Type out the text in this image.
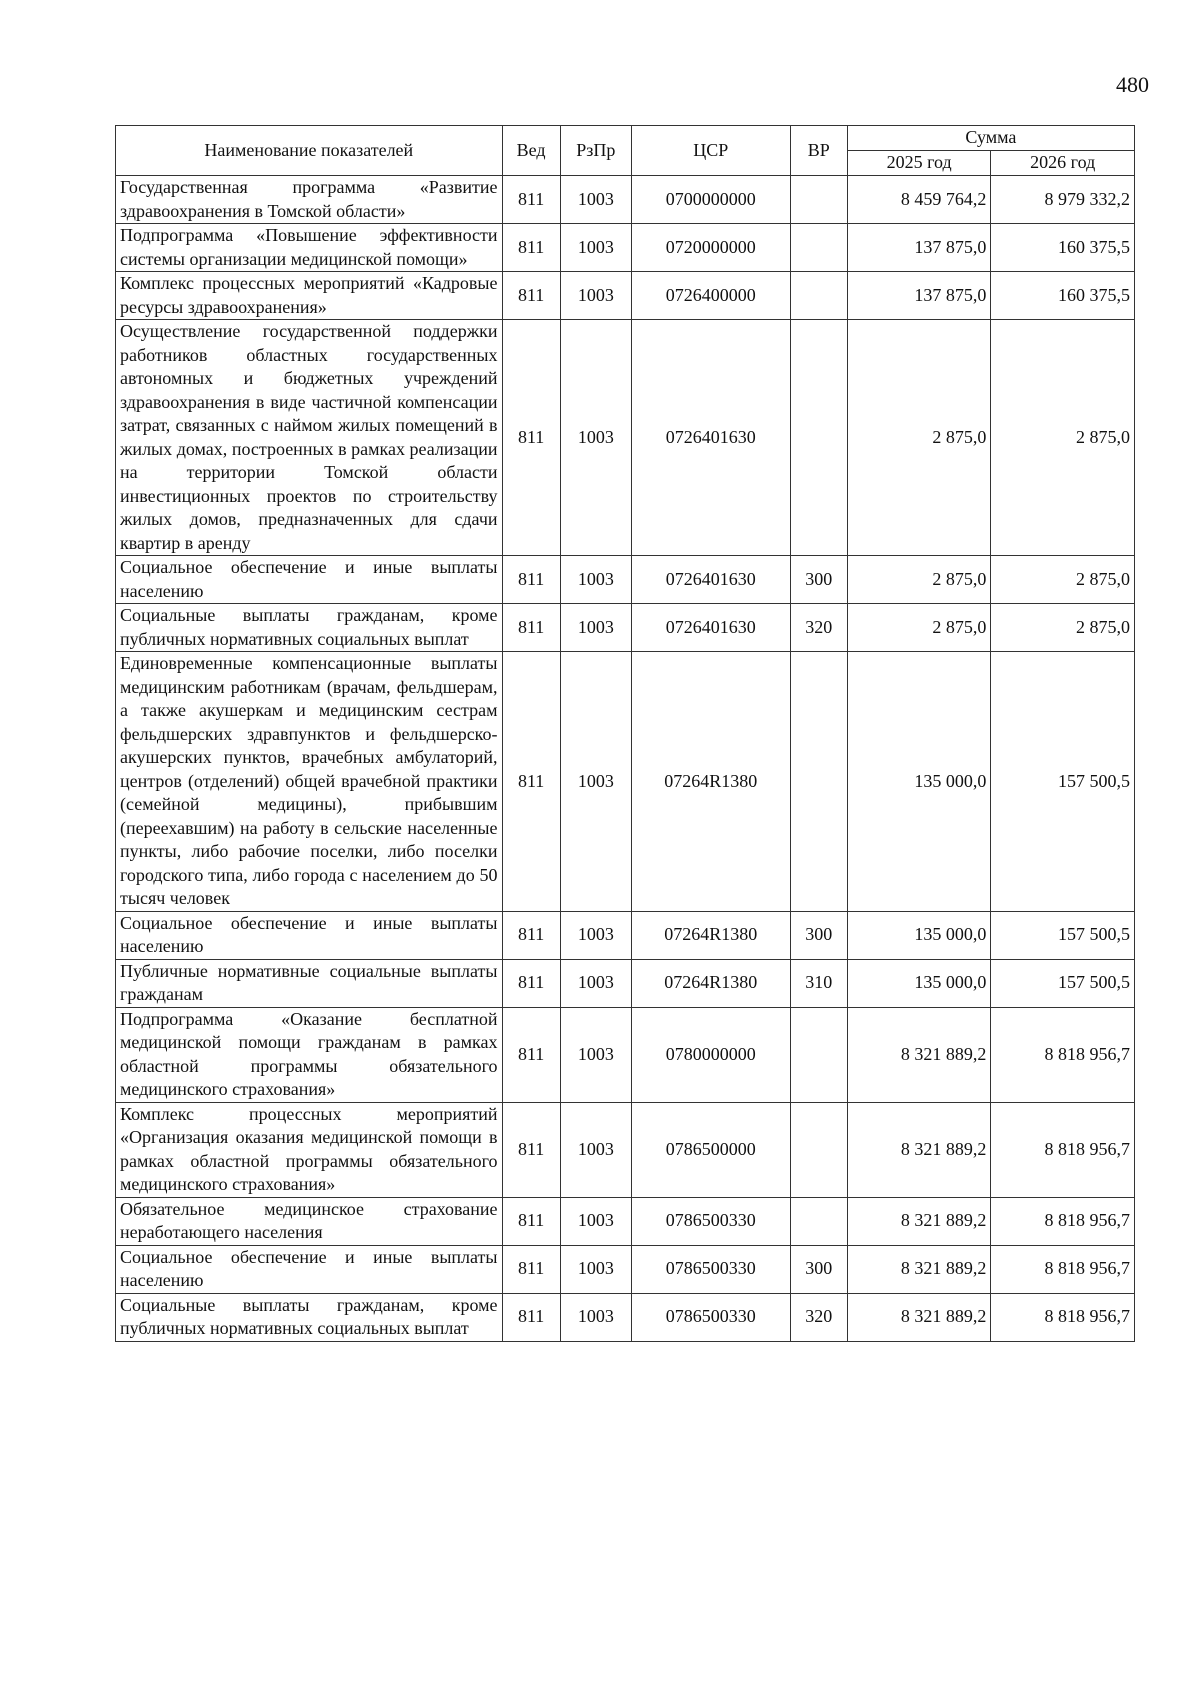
480
Наименование показателей	Вед	РзПр	ЦСР	ВР	Сумма	
					2025 год	2026 год
Государственная программа «Развитие здравоохранения в Томской области»	811	1003	0700000000		8 459 764,2	8 979 332,2
Подпрограмма «Повышение эффективности системы организации медицинской помощи»	811	1003	0720000000		137 875,0	160 375,5
Комплекс процессных мероприятий «Кадровые ресурсы здравоохранения»	811	1003	0726400000		137 875,0	160 375,5
Осуществление государственной поддержки работников областных государственных автономных и бюджетных учреждений здравоохранения в виде частичной компенсации затрат, связанных с наймом жилых помещений в жилых домах, построенных в рамках реализации на территории Томской области инвестиционных проектов по строительству жилых домов, предназначенных для сдачи квартир в аренду	811	1003	0726401630		2 875,0	2 875,0
Социальное обеспечение и иные выплаты населению	811	1003	0726401630	300	2 875,0	2 875,0
Социальные выплаты гражданам, кроме публичных нормативных социальных выплат	811	1003	0726401630	320	2 875,0	2 875,0
Единовременные компенсационные выплаты медицинским работникам (врачам, фельдшерам, а также акушеркам и медицинским сестрам фельдшерских здравпунктов и фельдшерско-акушерских пунктов, врачебных амбулаторий, центров (отделений) общей врачебной практики (семейной медицины), прибывшим (переехавшим) на работу в сельские населенные пункты, либо рабочие поселки, либо поселки городского типа, либо города с населением до 50 тысяч человек	811	1003	07264R1380		135 000,0	157 500,5
Социальное обеспечение и иные выплаты населению	811	1003	07264R1380	300	135 000,0	157 500,5
Публичные нормативные социальные выплаты гражданам	811	1003	07264R1380	310	135 000,0	157 500,5
Подпрограмма «Оказание бесплатной медицинской помощи гражданам в рамках областной программы обязательного медицинского страхования»	811	1003	0780000000		8 321 889,2	8 818 956,7
Комплекс процессных мероприятий «Организация оказания медицинской помощи в рамках областной программы обязательного медицинского страхования»	811	1003	0786500000		8 321 889,2	8 818 956,7
Обязательное медицинское страхование неработающего населения	811	1003	0786500330		8 321 889,2	8 818 956,7
Социальное обеспечение и иные выплаты населению	811	1003	0786500330	300	8 321 889,2	8 818 956,7
Социальные выплаты гражданам, кроме публичных нормативных социальных выплат	811	1003	0786500330	320	8 321 889,2	8 818 956,7
